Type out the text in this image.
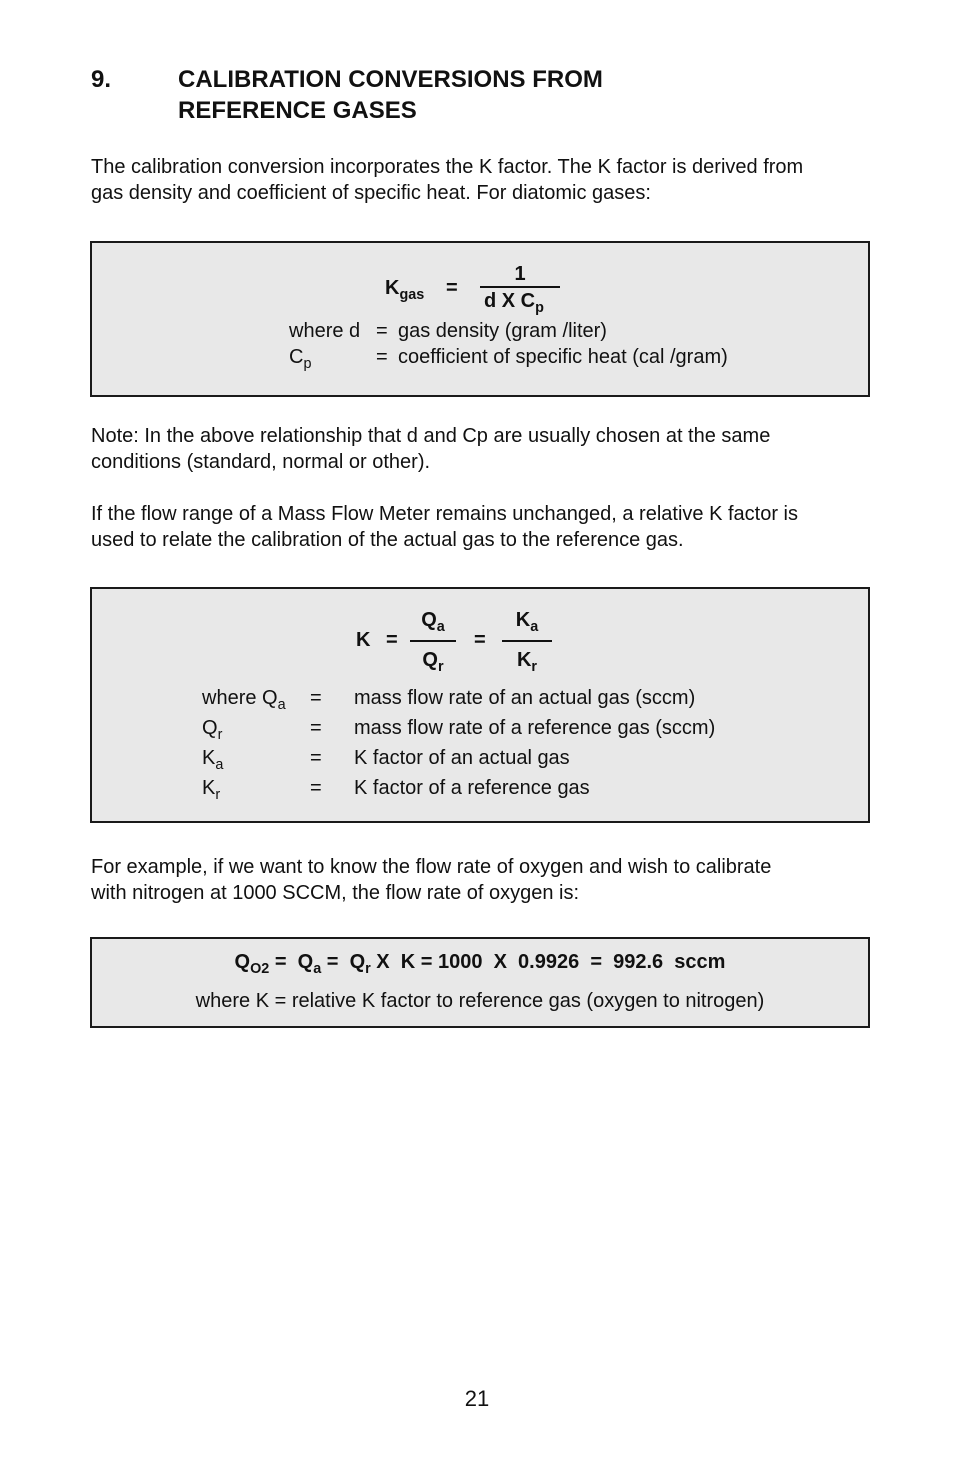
9.	CALIBRATION CONVERSIONS FROM
REFERENCE GASES
The calibration conversion incorporates the K factor. The K factor is derived from
gas density and coefficient of specific heat. For diatomic gases:
$K_{gas}$ =
1
d X $C_p$
where d = gas density (gram /liter)
$C_p$	= coefficient of specific heat (cal /gram)
Note: In the above relationship that d and Cp are usually chosen at the same
conditions (standard, normal or other).
If the flow range of a Mass Flow Meter remains unchanged, a relative K factor is
used to relate the calibration of the actual gas to the reference gas.
K =
$Q_a$
$Q_r$
=
$K_a$
$K_r$
where $Q_a$ = mass flow rate of an actual gas (sccm)
$Q_r$	= mass flow rate of a reference gas (sccm)
$K_a$	= K factor of an actual gas
$K_r$	= K factor of a reference gas
For example, if we want to know the flow rate of oxygen and wish to calibrate
with nitrogen at 1000 SCCM, the flow rate of oxygen is:
$Q_{O2} = Q_a = Q_r$ X  K = 1000  X  0.9926  =  992.6  sccm
where K = relative K factor to reference gas (oxygen to nitrogen)
21
